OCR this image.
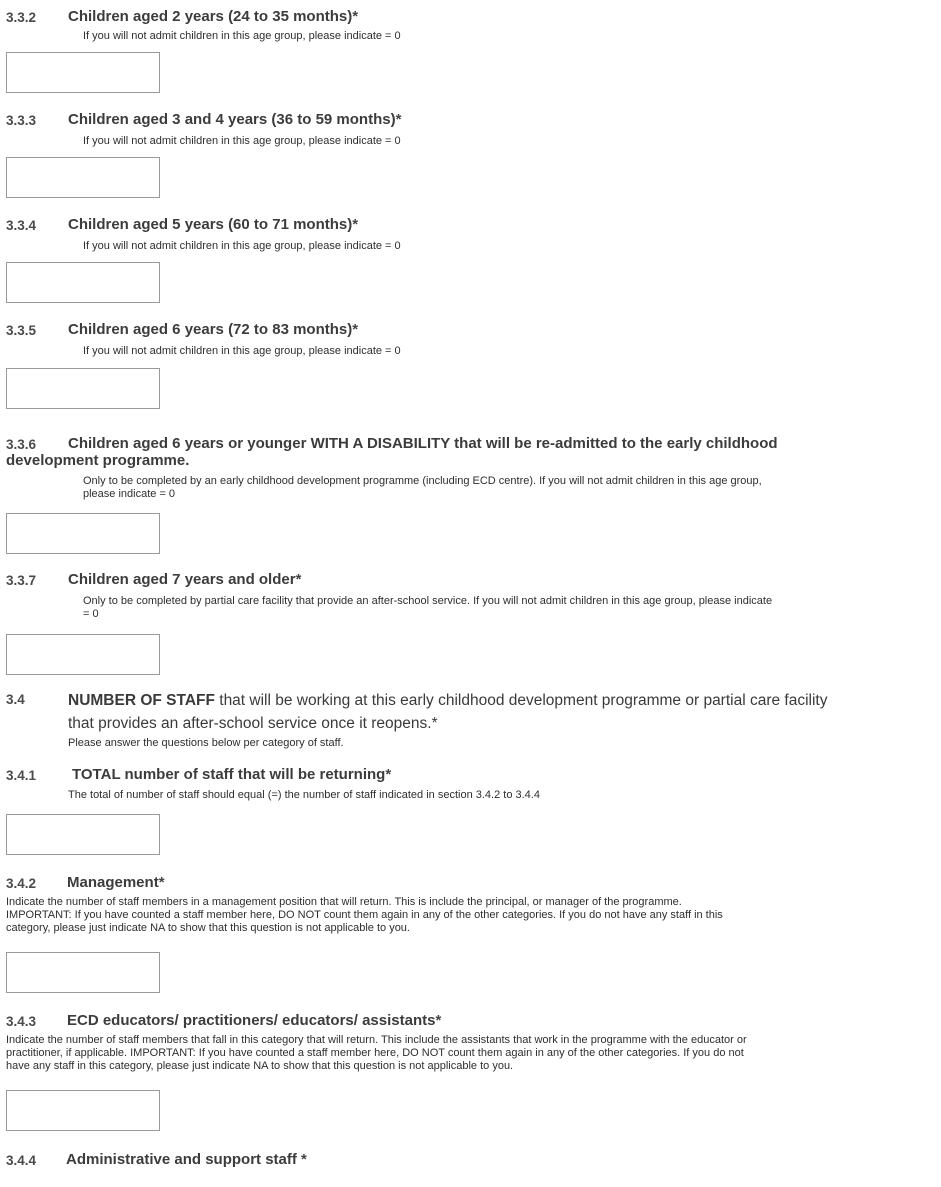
3.3.2 Children aged 2 years (24 to 35 months)*
If you will not admit children in this age group, please indicate = 0
3.3.3 Children aged 3 and 4 years (36 to 59 months)*
If you will not admit children in this age group, please indicate = 0
3.3.4 Children aged 5 years (60 to 71 months)*
If you will not admit children in this age group, please indicate = 0
3.3.5 Children aged 6 years (72 to 83 months)*
If you will not admit children in this age group, please indicate = 0
3.3.6 Children aged 6 years or younger WITH A DISABILITY that will be re-admitted to the early childhood
development programme.
Only to be completed by an early childhood development programme (including ECD centre). If you will not admit children in this age group,
please indicate = 0
3.3.7 Children aged 7 years and older*
Only to be completed by partial care facility that provide an after-school service. If you will not admit children in this age group, please indicate
= 0
3.4	NUMBER OF STAFF that will be working at this early childhood development programme or partial care facility
that provides an after-school service once it reopens.*
Please answer the questions below per category of staff.
3.4.1 TOTAL number of staff that will be returning*
The total of number of staff should equal (=) the number of staff indicated in section 3.4.2 to 3.4.4
3.4.2 Management*
Indicate the number of staff members in a management position that will return. This is include the principal, or manager of the programme.
IMPORTANT: If you have counted a staff member here, DO NOT count them again in any of the other categories. If you do not have any staff in this
category, please just indicate NA to show that this question is not applicable to you.
3.4.3 ECD educators/ practitioners/ educators/ assistants*
Indicate the number of staff members that fall in this category that will return. This include the assistants that work in the programme with the educator or
practitioner, if applicable. IMPORTANT: If you have counted a staff member here, DO NOT count them again in any of the other categories. If you do not
have any staff in this category, please just indicate NA to show that this question is not applicable to you.
3.4.4 Administrative and support staff *
